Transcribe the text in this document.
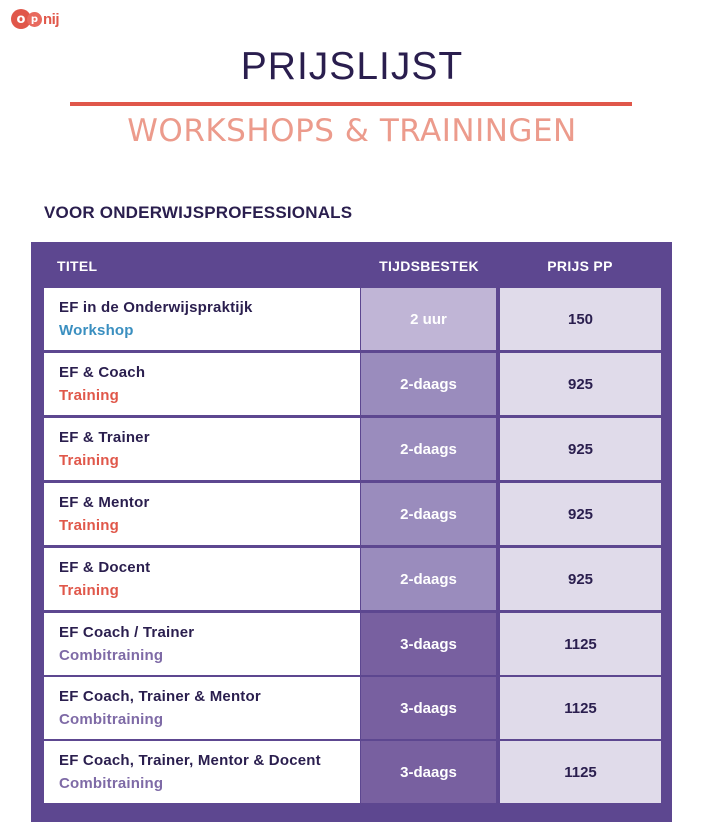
o p nij
PRIJSLIJST
WORKSHOPS & TRAININGEN
VOOR ONDERWIJSPROFESSIONALS
TITEL	TIJDSBESTEK	PRIJS PP
EF in de Onderwijspraktijk
Workshop
2 uur	150
EF & Coach
Training
2-daags	925
EF & Trainer
Training
2-daags	925
EF & Mentor
Training
2-daags	925
EF & Docent
Training
2-daags	925
EF Coach / Trainer
Combitraining
3-daags	1125
EF Coach, Trainer & Mentor
Combitraining
3-daags	1125
EF Coach, Trainer, Mentor & Docent
Combitraining
3-daags	1125
